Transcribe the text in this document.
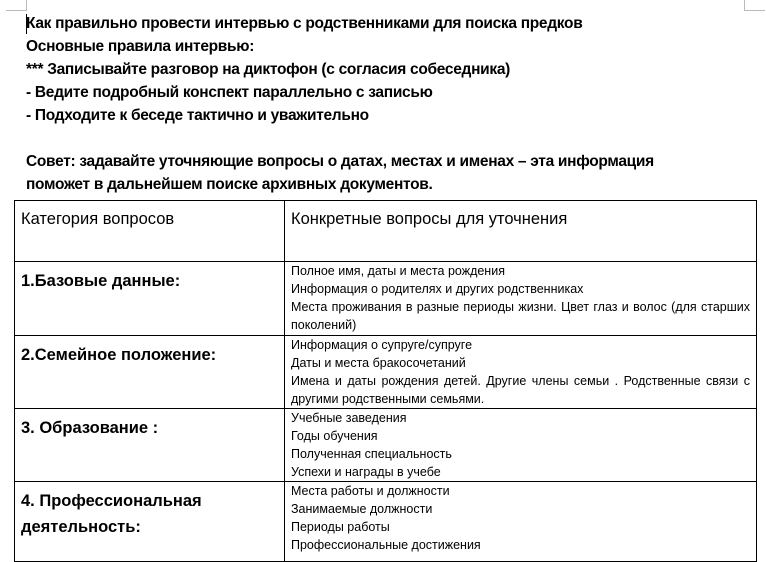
Как правильно провести интервью с родственниками для поиска предков
Основные правила интервью:
*** Записывайте разговор на диктофон (с согласия собеседника)
- Ведите подробный конспект параллельно с записью
- Подходите к беседе тактично и уважительно
Совет: задавайте уточняющие вопросы о датах, местах и именах – эта информация
поможет в дальнейшем поиске архивных документов.
Категория вопросов	Конкретные вопросы для уточнения
1.Базовые данные:	Полное имя, даты и места рождения
Информация о родителях и других родственниках
Места проживания в разные периоды жизни. Цвет глаз и волос (для старших поколений)

2.Семейное положение:	Информация о супруге/супруге
Даты и места бракосочетаний
Имена и даты рождения детей. Другие члены семьи . Родственные связи с другими родственными семьями.

3. Образование :	Учебные заведения
Годы обучения
Полученная специальность
Успехи и награды в учебе

4. Профессиональная деятельность:	Места работы и должности
Занимаемые должности
Периоды работы
Профессиональные достижения
